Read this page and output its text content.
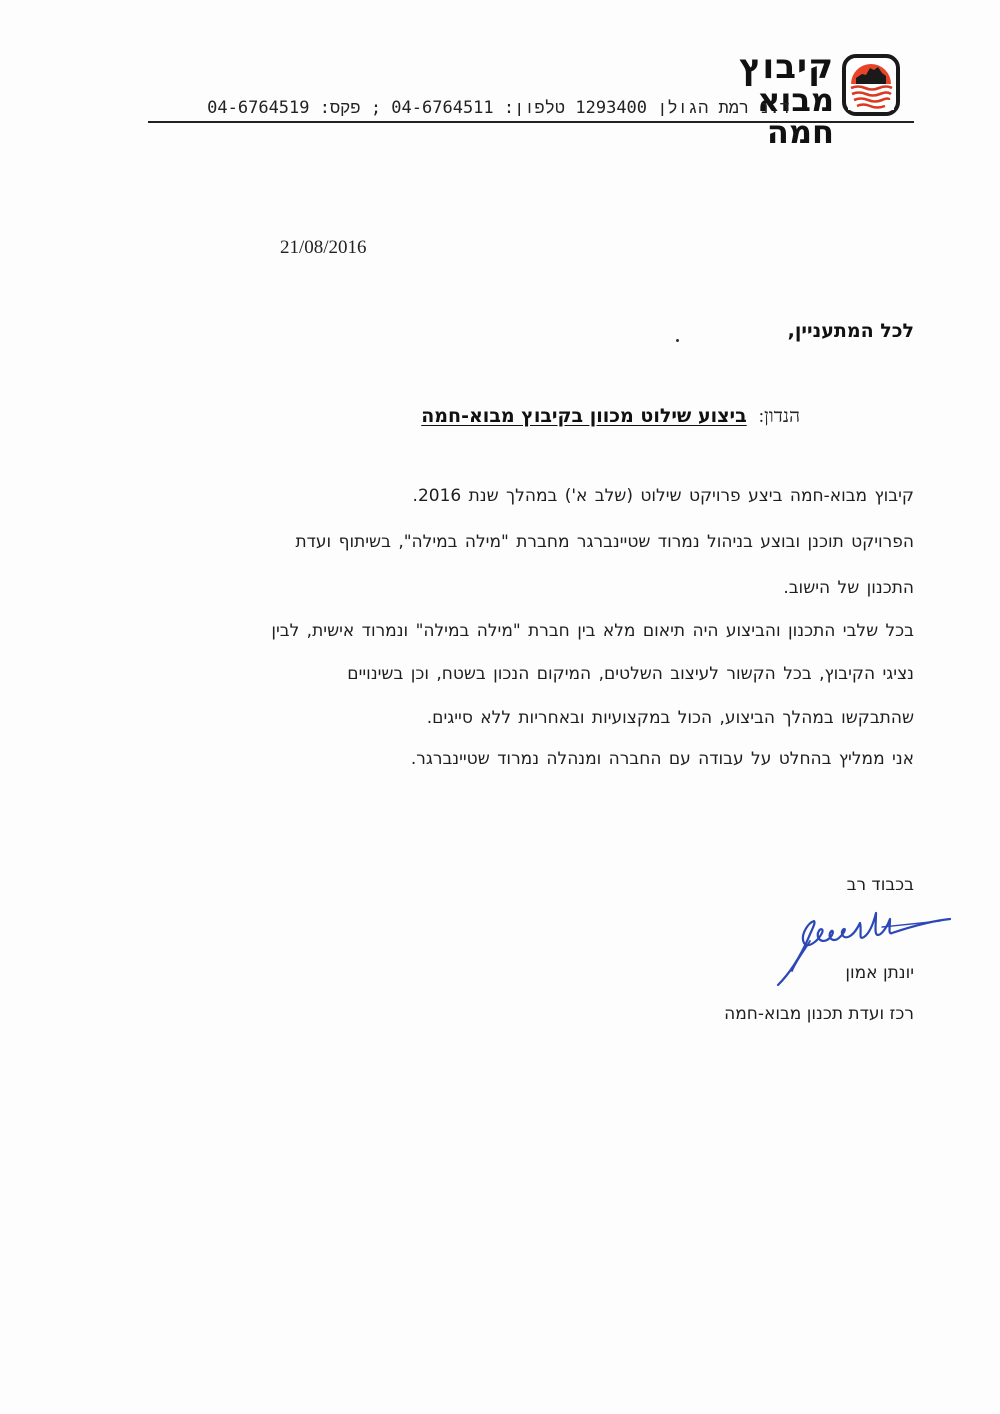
קיבוץ
מבוא חמה
ד.נ רמת הגולן 1293400 טלפון: 04-6764511 ; פקס: 04-6764519
21/08/2016
לכל המתעניין,
הנדון: ביצוע שילוט מכוון בקיבוץ מבוא-חמה
קיבוץ מבוא-חמה ביצע פרויקט שילוט (שלב א') במהלך שנת 2016.
הפרויקט תוכנן ובוצע בניהול נמרוד שטיינברגר מחברת "מילה במילה", בשיתוף ועדת
התכנון של הישוב.
בכל שלבי התכנון והביצוע היה תיאום מלא בין חברת "מילה במילה" ונמרוד אישית, לבין
נציגי הקיבוץ, בכל הקשור לעיצוב השלטים, המיקום הנכון בשטח, וכן בשינויים
שהתבקשו במהלך הביצוע, הכול במקצועיות ובאחריות ללא סייגים.
אני ממליץ בהחלט על עבודה עם החברה ומנהלה נמרוד שטיינברגר.
בכבוד רב
יונתן אמון
רכז ועדת תכנון מבוא-חמה
